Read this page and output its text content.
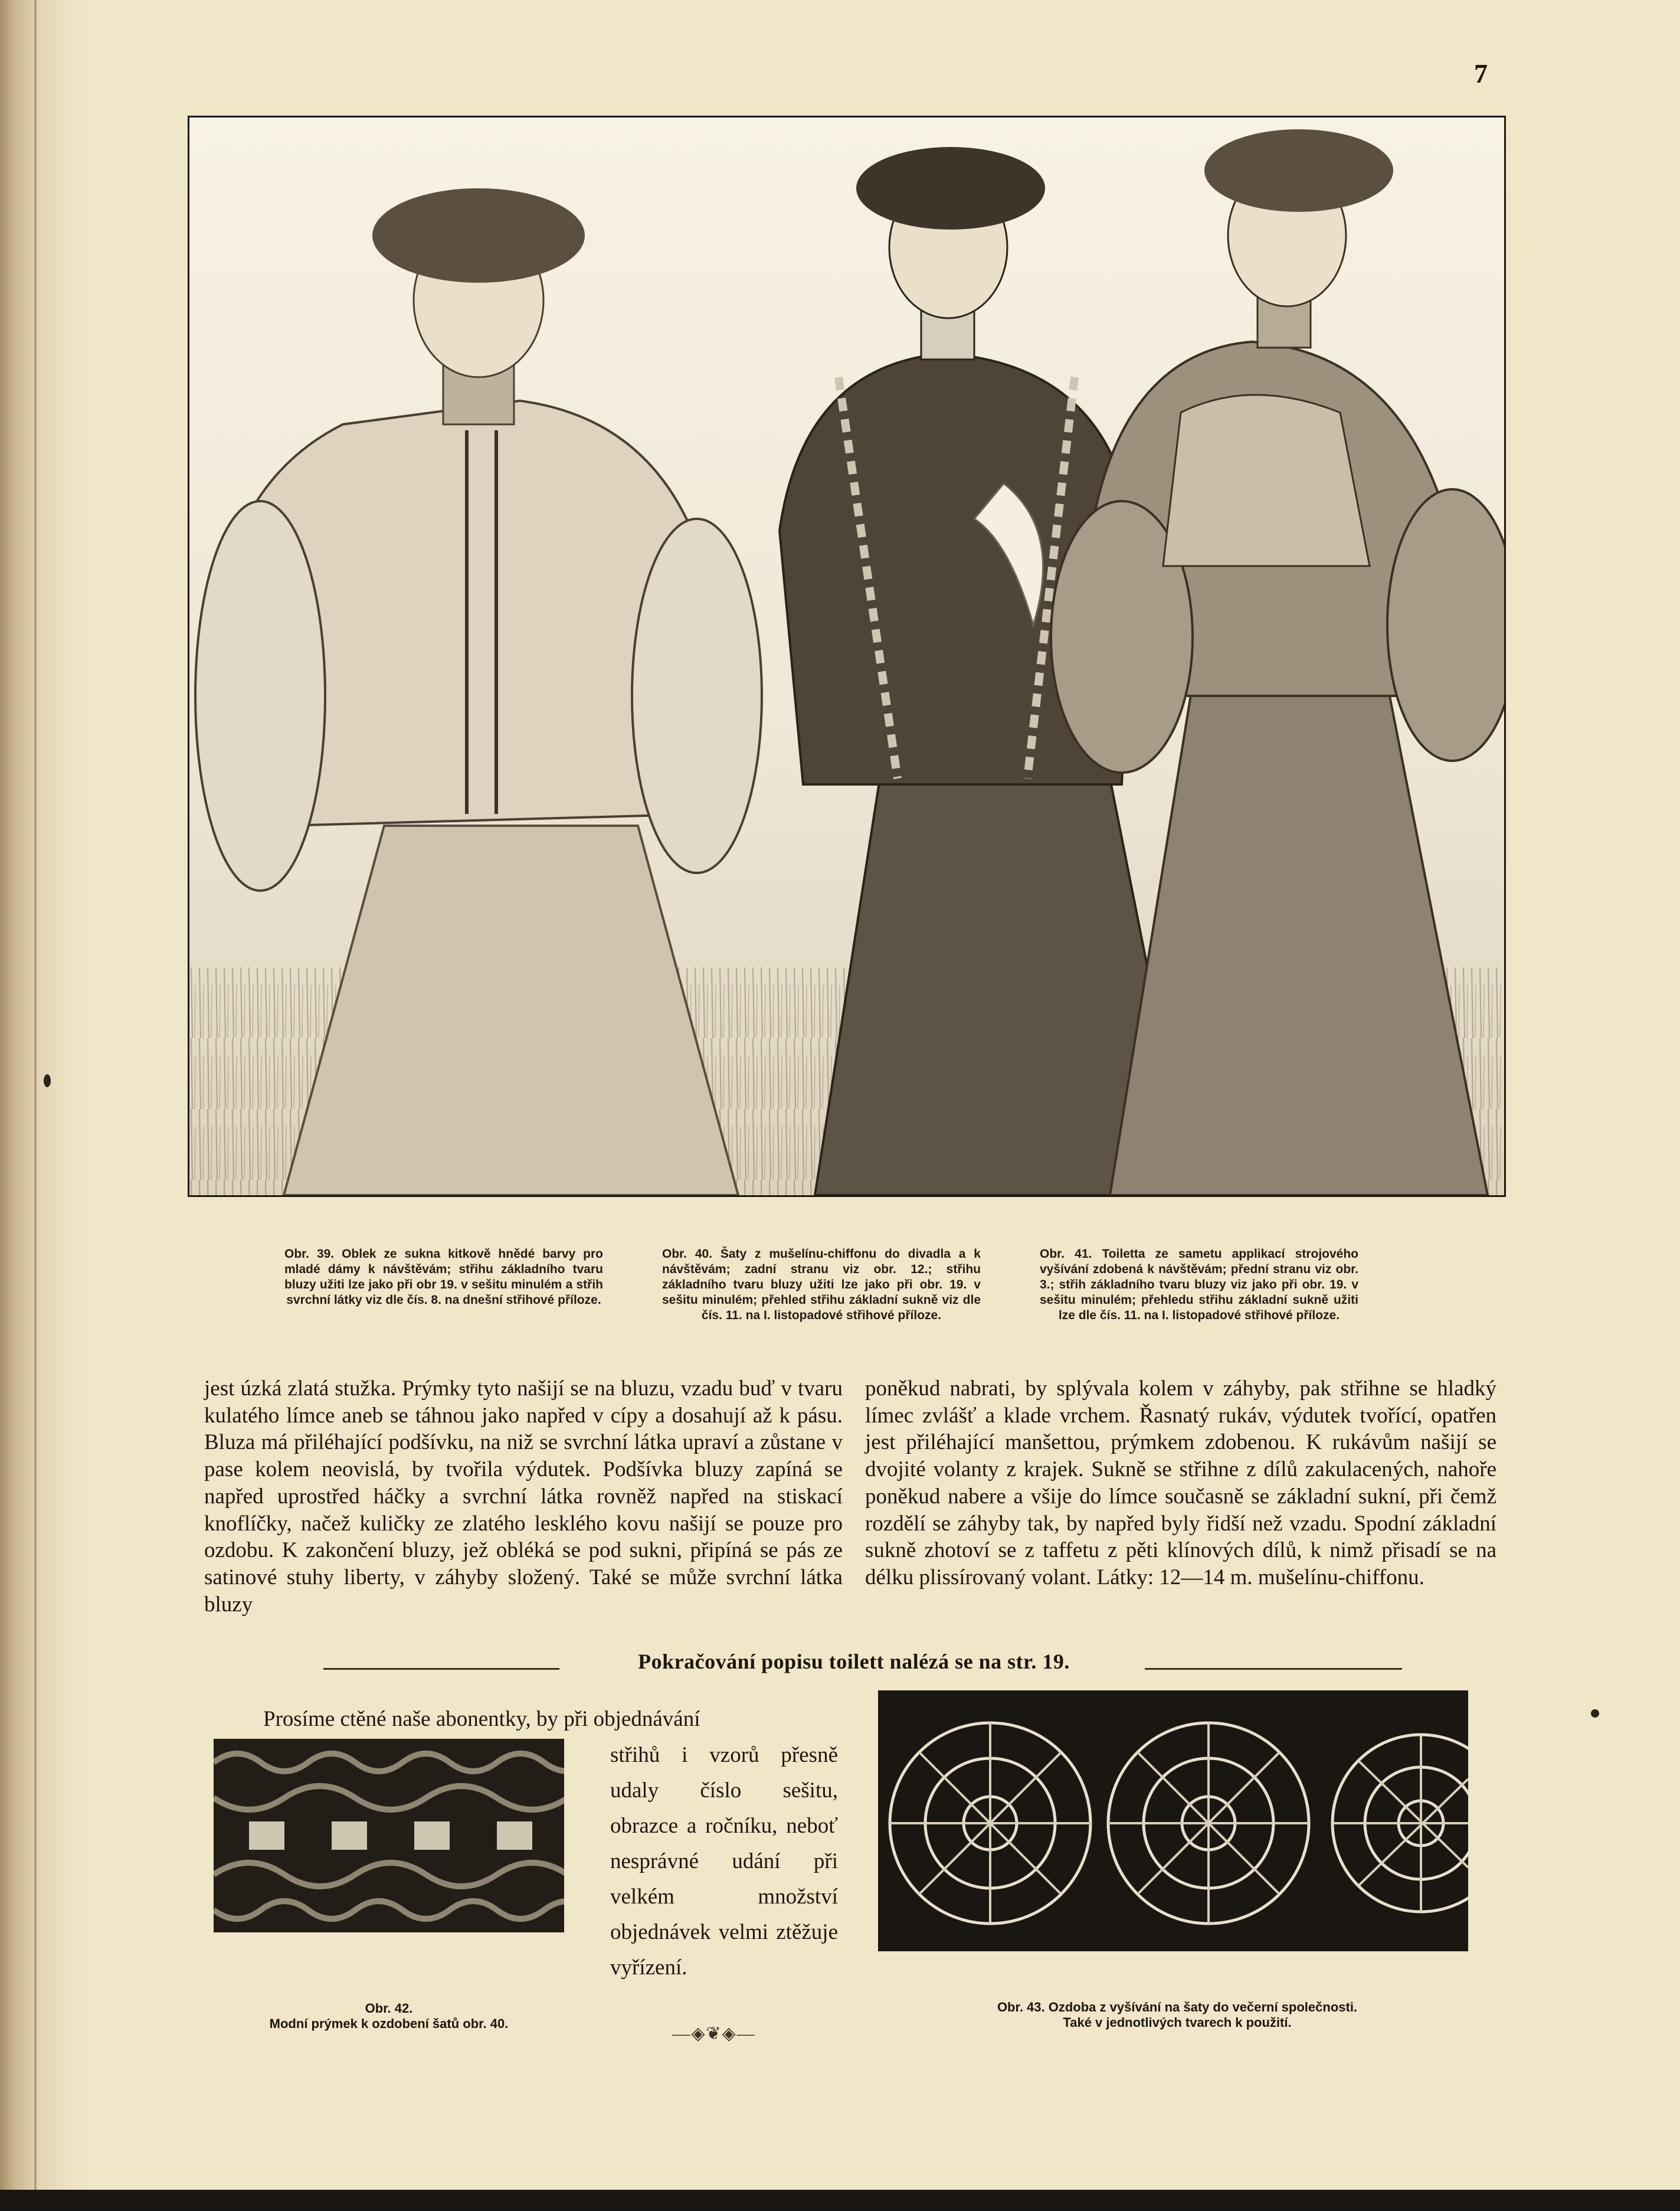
7
Obr. 39. Oblek ze sukna kitkově hnědé barvy pro mladé dámy k návštěvám; střihu základního tvaru bluzy užiti lze jako při obr 19. v sešitu minulém a střih svrchní látky viz dle čís. 8. na dnešní střihové příloze.
Obr. 40. Šaty z mušelínu-chiffonu do divadla a k návštěvám; zadní stranu viz obr. 12.; střihu základního tvaru bluzy užiti lze jako při obr. 19. v sešitu minulém; přehled střihu základní sukně viz dle čís. 11. na I. listopadové střihové příloze.
Obr. 41. Toiletta ze sametu applikací strojového vyšívání zdobená k návštěvám; přední stranu viz obr. 3.; střih základního tvaru bluzy viz jako při obr. 19. v sešitu minulém; přehledu střihu základní sukně užiti lze dle čís. 11. na I. listopadové střihové příloze.
jest úzká zlatá stužka. Prýmky tyto našijí se na bluzu, vzadu buď v tvaru kulatého límce aneb se táhnou jako napřed v cípy a dosahují až k pásu. Bluza má přiléhající podšívku, na niž se svrchní látka upraví a zůstane v pase kolem neovislá, by tvořila výdutek. Podšívka bluzy zapíná se napřed uprostřed háčky a svrchní látka rovněž napřed na stiskací knoflíčky, načež kuličky ze zlatého lesklého kovu našijí se pouze pro ozdobu. K zakončení bluzy, jež obléká se pod sukni, připíná se pás ze satinové stuhy liberty, v záhyby složený. Také se může svrchní látka bluzy
poněkud nabrati, by splývala kolem v záhyby, pak střihne se hladký límec zvlášť a klade vrchem. Řasnatý rukáv, výdutek tvořící, opatřen jest přiléhající manšettou, prýmkem zdobenou. K rukávům našijí se dvojité volanty z krajek. Sukně se střihne z dílů zakulacených, nahoře poněkud nabere a všije do límce současně se základní sukní, při čemž rozdělí se záhyby tak, by napřed byly řidší než vzadu. Spodní základní sukně zhotoví se z taffetu z pěti klínových dílů, k nimž přisadí se na délku plissírovaný volant. Látky: 12—14 m. mušelínu-chiffonu.
Pokračování popisu toilett nalézá se na str. 19.
Prosíme ctěné naše abonentky, by při objednávání
střihů i vzorů přesně udaly číslo sešitu, obrazce a ročníku, neboť nesprávné udání při velkém množství objednávek velmi ztěžuje vyřízení.
Obr. 42.
Modní prýmek k ozdobení šatů obr. 40.
Obr. 43. Ozdoba z vyšívání na šaty do večerní společnosti.
Také v jednotlivých tvarech k použití.
—◈❦◈—
